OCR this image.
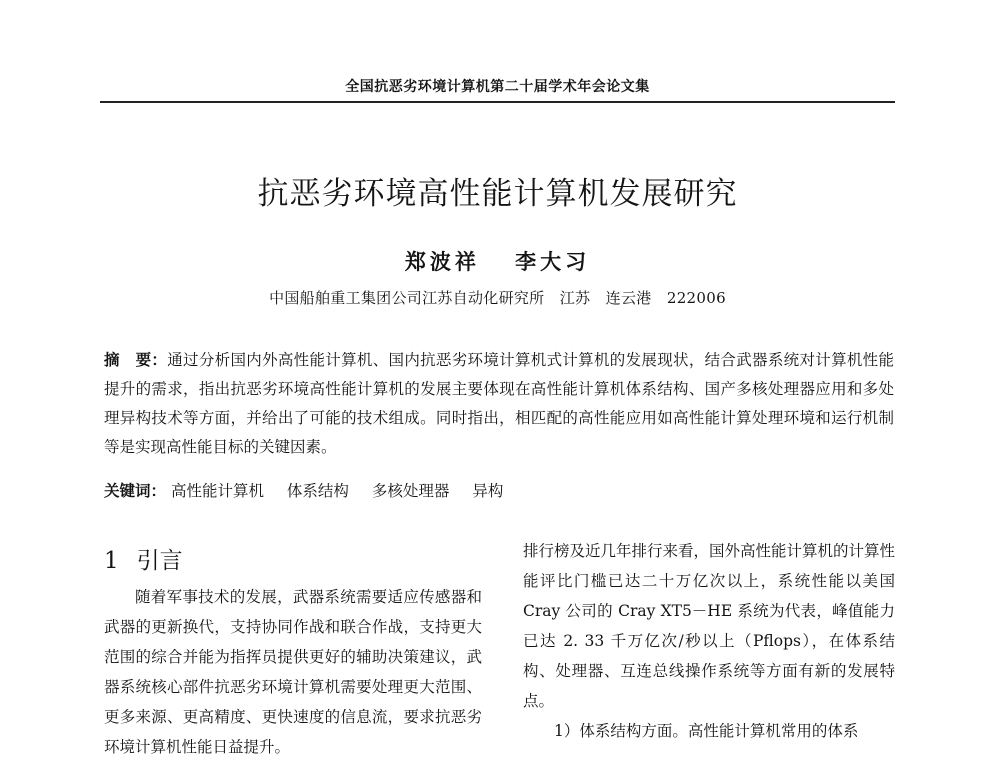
全国抗恶劣环境计算机第二十届学术年会论文集
抗恶劣环境高性能计算机发展研究
郑波祥 李大习
中国船舶重工集团公司江苏自动化研究所　江苏　连云港　222006
摘　要：通过分析国内外高性能计算机、国内抗恶劣环境计算机式计算机的发展现状，结合武器系统对计算机性能提升的需求，指出抗恶劣环境高性能计算机的发展主要体现在高性能计算机体系结构、国产多核处理器应用和多处理异构技术等方面，并给出了可能的技术组成。同时指出，相匹配的高性能应用如高性能计算处理环境和运行机制等是实现高性能目标的关键因素。
关键词： 高性能计算机 体系结构 多核处理器 异构
1 引言

随着军事技术的发展，武器系统需要适应传感器和武器的更新换代，支持协同作战和联合作战，支持更大范围的综合并能为指挥员提供更好的辅助决策建议，武器系统核心部件抗恶劣环境计算机需要处理更大范围、更多来源、更高精度、更快速度的信息流，要求抗恶劣环境计算机性能日益提升。

排行榜及近几年排行来看，国外高性能计算机的计算性能评比门槛已达二十万亿次以上，系统性能以美国 Cray 公司的 Cray XT5－HE 系统为代表，峰值能力已达 2. 33 千万亿次/秒以上（Pflops），在体系结构、处理器、互连总线操作系统等方面有新的发展特点。

1）体系结构方面。高性能计算机常用的体系
